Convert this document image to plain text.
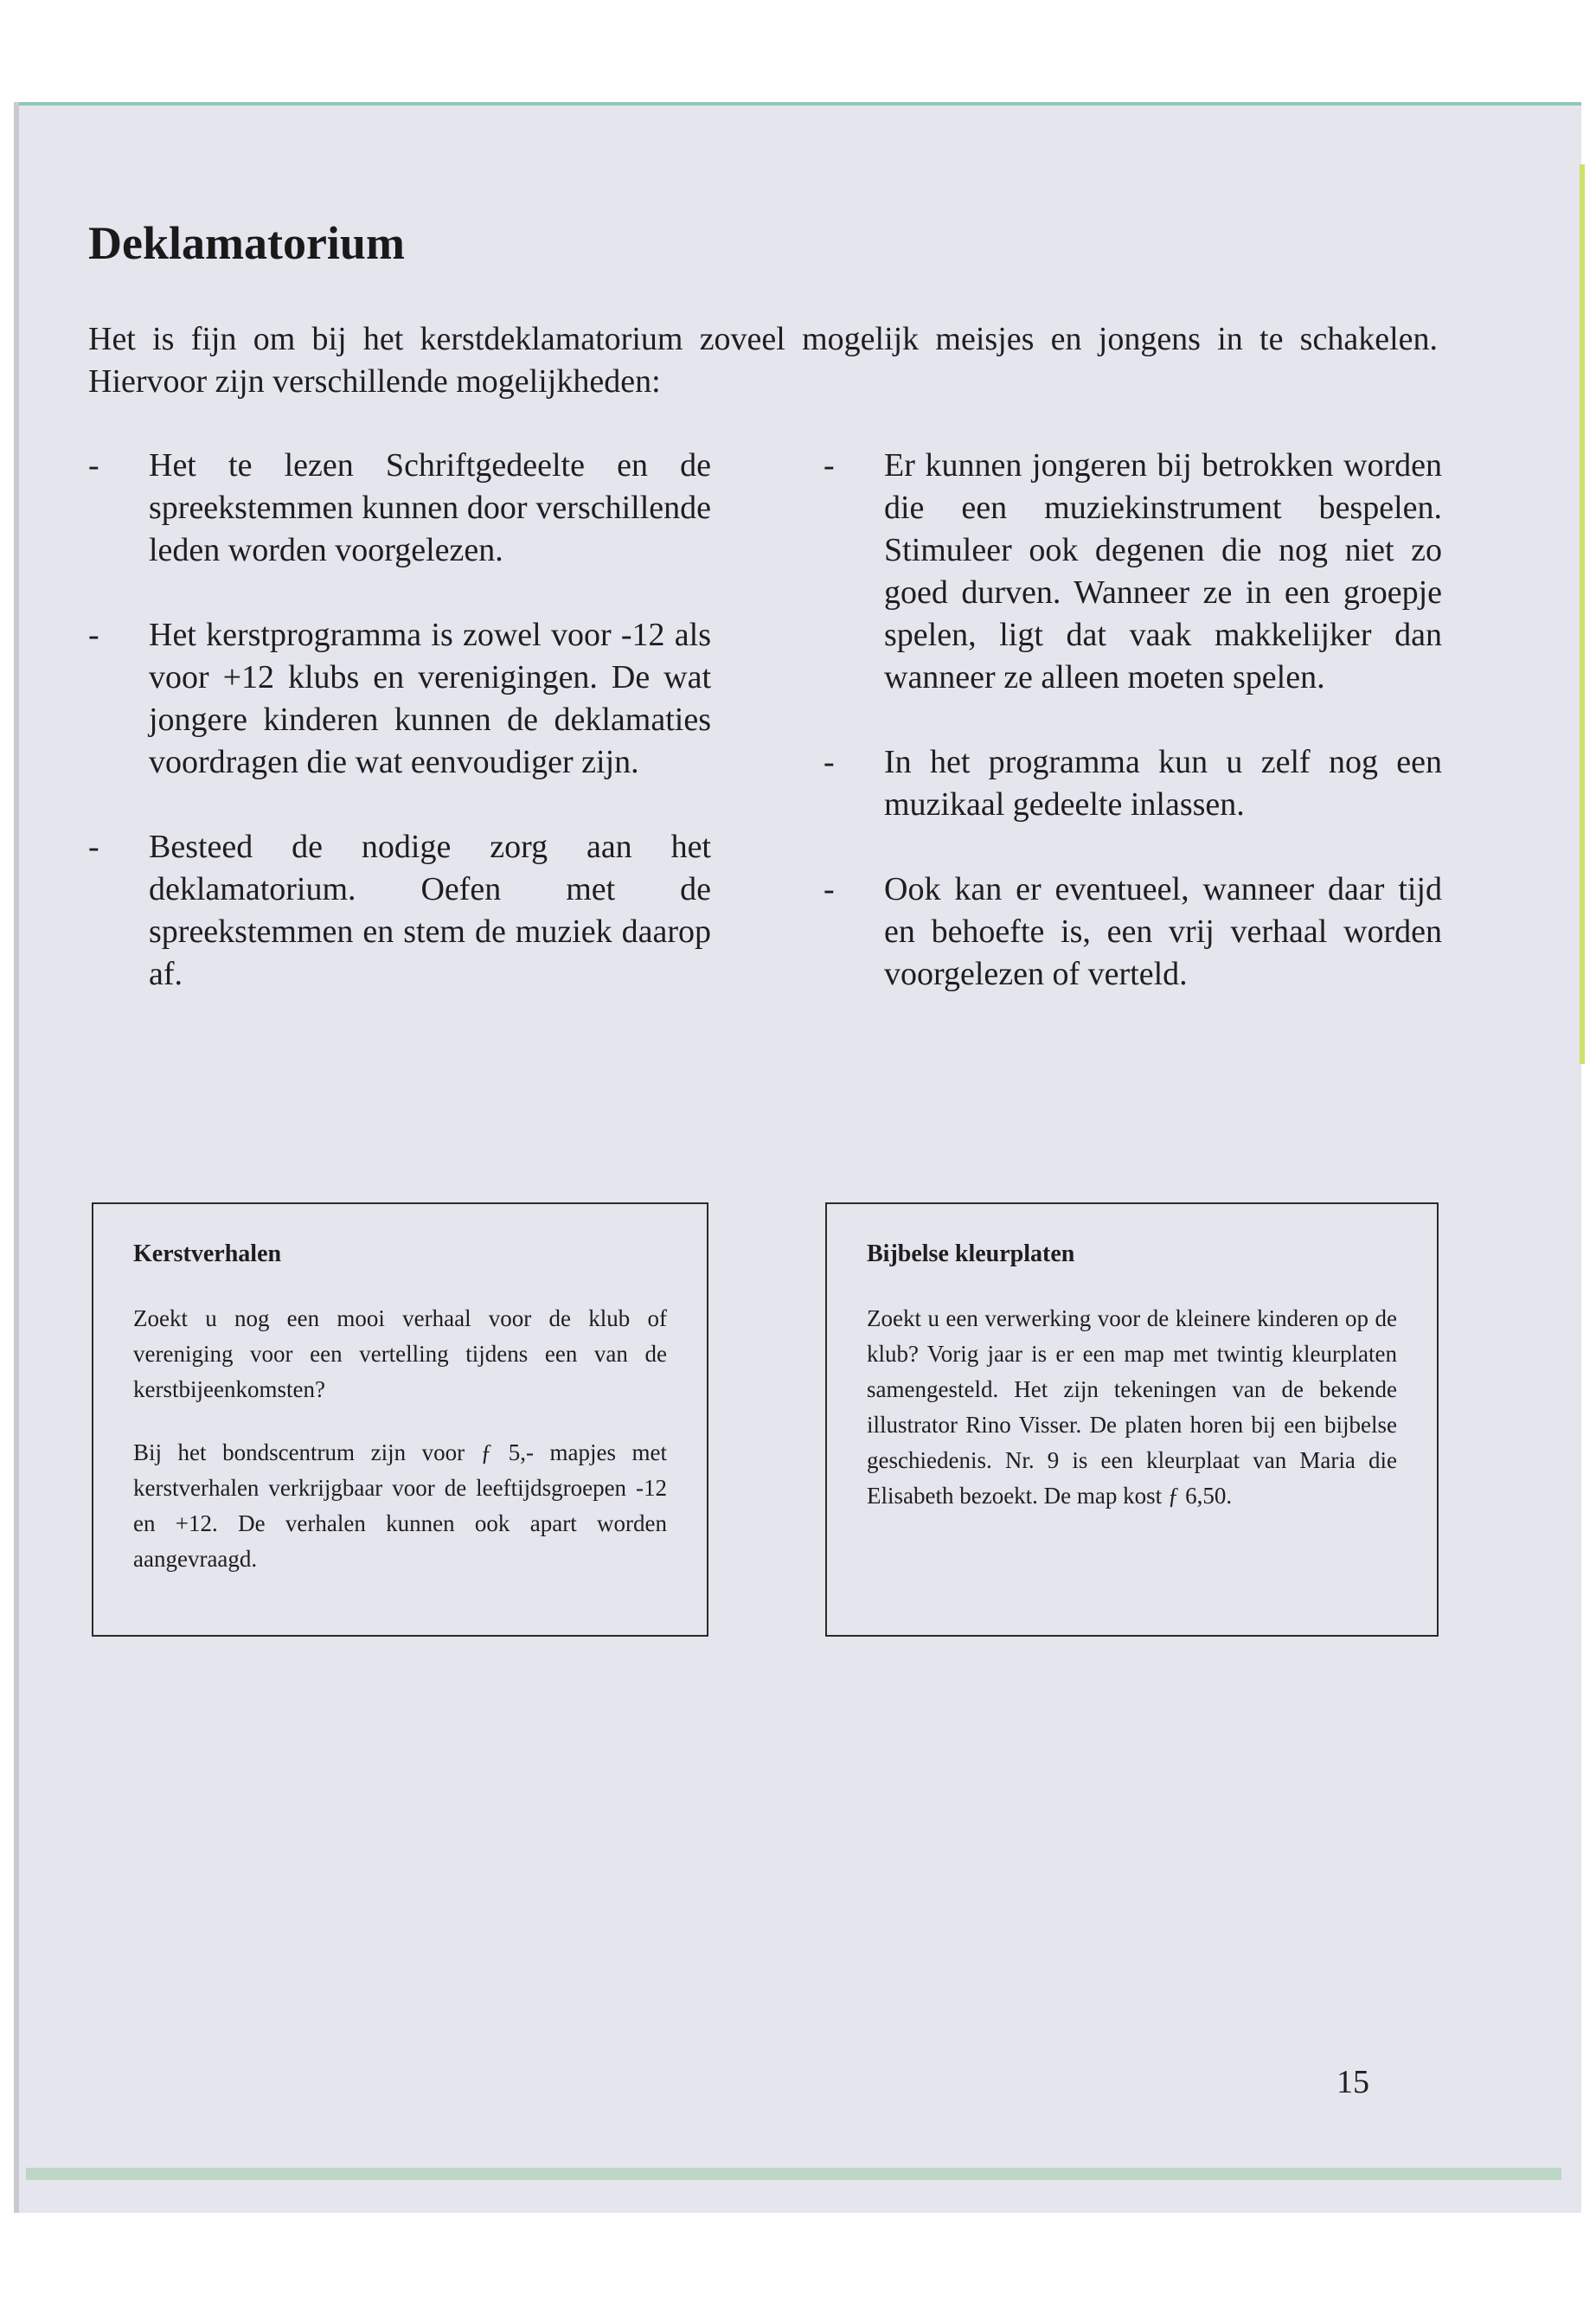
Deklamatorium

Het is fijn om bij het kerstdeklamatorium zoveel mogelijk meisjes en jongens in te schakelen. Hiervoor zijn verschillende mogelijkheden:

- Het te lezen Schriftgedeelte en de spreekstemmen kunnen door verschillende leden worden voorgelezen.
- Het kerstprogramma is zowel voor -12 als voor +12 klubs en verenigingen. De wat jongere kinderen kunnen de deklamaties voordragen die wat eenvoudiger zijn.
- Besteed de nodige zorg aan het deklamatorium. Oefen met de spreekstemmen en stem de muziek daarop af.
- Er kunnen jongeren bij betrokken worden die een muziekinstrument bespelen. Stimuleer ook degenen die nog niet zo goed durven. Wanneer ze in een groepje spelen, ligt dat vaak makkelijker dan wanneer ze alleen moeten spelen.
- In het programma kun u zelf nog een muzikaal gedeelte inlassen.
- Ook kan er eventueel, wanneer daar tijd en behoefte is, een vrij verhaal worden voorgelezen of verteld.

Kerstverhalen

Zoekt u nog een mooi verhaal voor de klub of vereniging voor een vertelling tijdens een van de kerstbijeenkomsten?

Bij het bondscentrum zijn voor ƒ 5,- mapjes met kerstverhalen verkrijgbaar voor de leeftijdsgroepen -12 en +12. De verhalen kunnen ook apart worden aangevraagd.

Bijbelse kleurplaten

Zoekt u een verwerking voor de kleinere kinderen op de klub? Vorig jaar is er een map met twintig kleurplaten samengesteld. Het zijn tekeningen van de bekende illustrator Rino Visser. De platen horen bij een bijbelse geschiedenis. Nr. 9 is een kleurplaat van Maria die Elisabeth bezoekt. De map kost ƒ 6,50.

15
